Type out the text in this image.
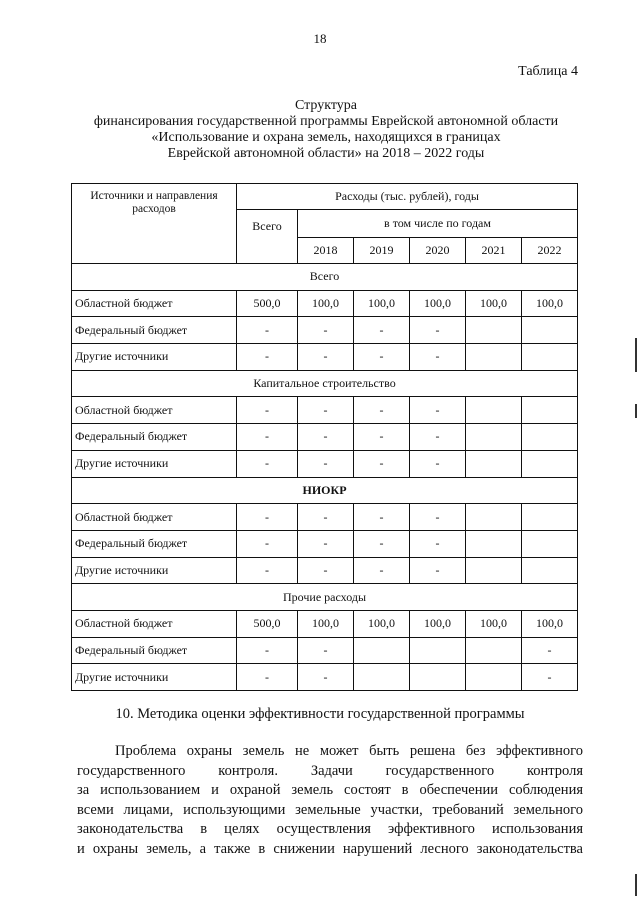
18
Таблица 4
Структура
финансирования государственной программы Еврейской автономной области
«Использование и охрана земель, находящихся в границах
Еврейской автономной области» на 2018 – 2022 годы
Источники и направления расходов	Расходы (тыс. рублей), годы					
	Всего	в том числе по годам				
		2018	2019	2020	2021	2022
Всего						
Областной бюджет	500,0	100,0	100,0	100,0	100,0	100,0
Федеральный бюджет	-	-	-	-		
Другие источники	-	-	-	-		
Капитальное строительство						
Областной бюджет	-	-	-	-		
Федеральный бюджет	-	-	-	-		
Другие источники	-	-	-	-		
НИОКР						
Областной бюджет	-	-	-	-		
Федеральный бюджет	-	-	-	-		
Другие источники	-	-	-	-		
Прочие расходы						
Областной бюджет	500,0	100,0	100,0	100,0	100,0	100,0
Федеральный бюджет	-	-				-
Другие источники	-	-				-
10. Методика оценки эффективности государственной программы
Проблема охраны земель не может быть решена без эффективного
государственного контроля. Задачи государственного контроля
за использованием и охраной земель состоят в обеспечении соблюдения
всеми лицами, использующими земельные участки, требований земельного
законодательства в целях осуществления эффективного использования
и охраны земель, а также в снижении нарушений лесного законодательства
